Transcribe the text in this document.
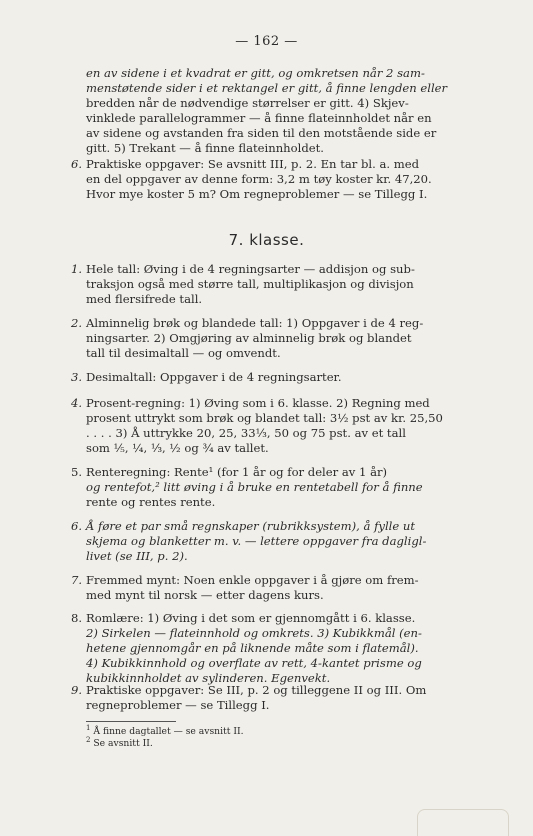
— 162 —
en av sidene i et kvadrat er gitt, og omkretsen når 2 sam-
menstøtende sider i et rektangel er gitt, å finne lengden eller
bredden når de nødvendige størrelser er gitt. 4) Skjev-
vinklede parallelogrammer — å finne flateinnholdet når en
av sidene og avstanden fra siden til den motstående side er
gitt. 5) Trekant — å finne flateinnholdet.
6. Praktiske oppgaver: Se avsnitt III, p. 2. En tar bl. a. med
en del oppgaver av denne form: 3,2 m tøy koster kr. 47,20.
Hvor mye koster 5 m? Om regneproblemer — se Tillegg I.
7. klasse.
1. Hele tall: Øving i de 4 regningsarter — addisjon og sub-
traksjon også med større tall, multiplikasjon og divisjon
med flersifrede tall.
2. Alminnelig brøk og blandede tall: 1) Oppgaver i de 4 reg-
ningsarter. 2) Omgjøring av alminnelig brøk og blandet
tall til desimaltall — og omvendt.
3. Desimaltall: Oppgaver i de 4 regningsarter.
4. Prosent-regning: 1) Øving som i 6. klasse. 2) Regning med
prosent uttrykt som brøk og blandet tall: 3½ pst av kr. 25,50
. . . . 3) Å uttrykke 20, 25, 33⅓, 50 og 75 pst. av et tall
som ⅕, ¼, ⅓, ½ og ¾ av tallet.
5. Renteregning: Rente¹ (for 1 år og for deler av 1 år)
og rentefot,² litt øving i å bruke en rentetabell for å finne
rente og rentes rente.
6. Å føre et par små regnskaper (rubrikksystem), å fylle ut
skjema og blanketter m. v. — lettere oppgaver fra dagligl-
livet (se III, p. 2).
7. Fremmed mynt: Noen enkle oppgaver i å gjøre om frem-
med mynt til norsk — etter dagens kurs.
8. Romlære: 1) Øving i det som er gjennomgått i 6. klasse.
2) Sirkelen — flateinnhold og omkrets. 3) Kubikkmål (en-
hetene gjennomgår en på liknende måte som i flatemål).
4) Kubikkinnhold og overflate av rett, 4-kantet prisme og
kubikkinnholdet av sylinderen. Egenvekt.
9. Praktiske oppgaver: Se III, p. 2 og tilleggene II og III. Om
regneproblemer — se Tillegg I.
$^1$ Å finne dagtallet — se avsnitt II.
$^2$ Se avsnitt II.
